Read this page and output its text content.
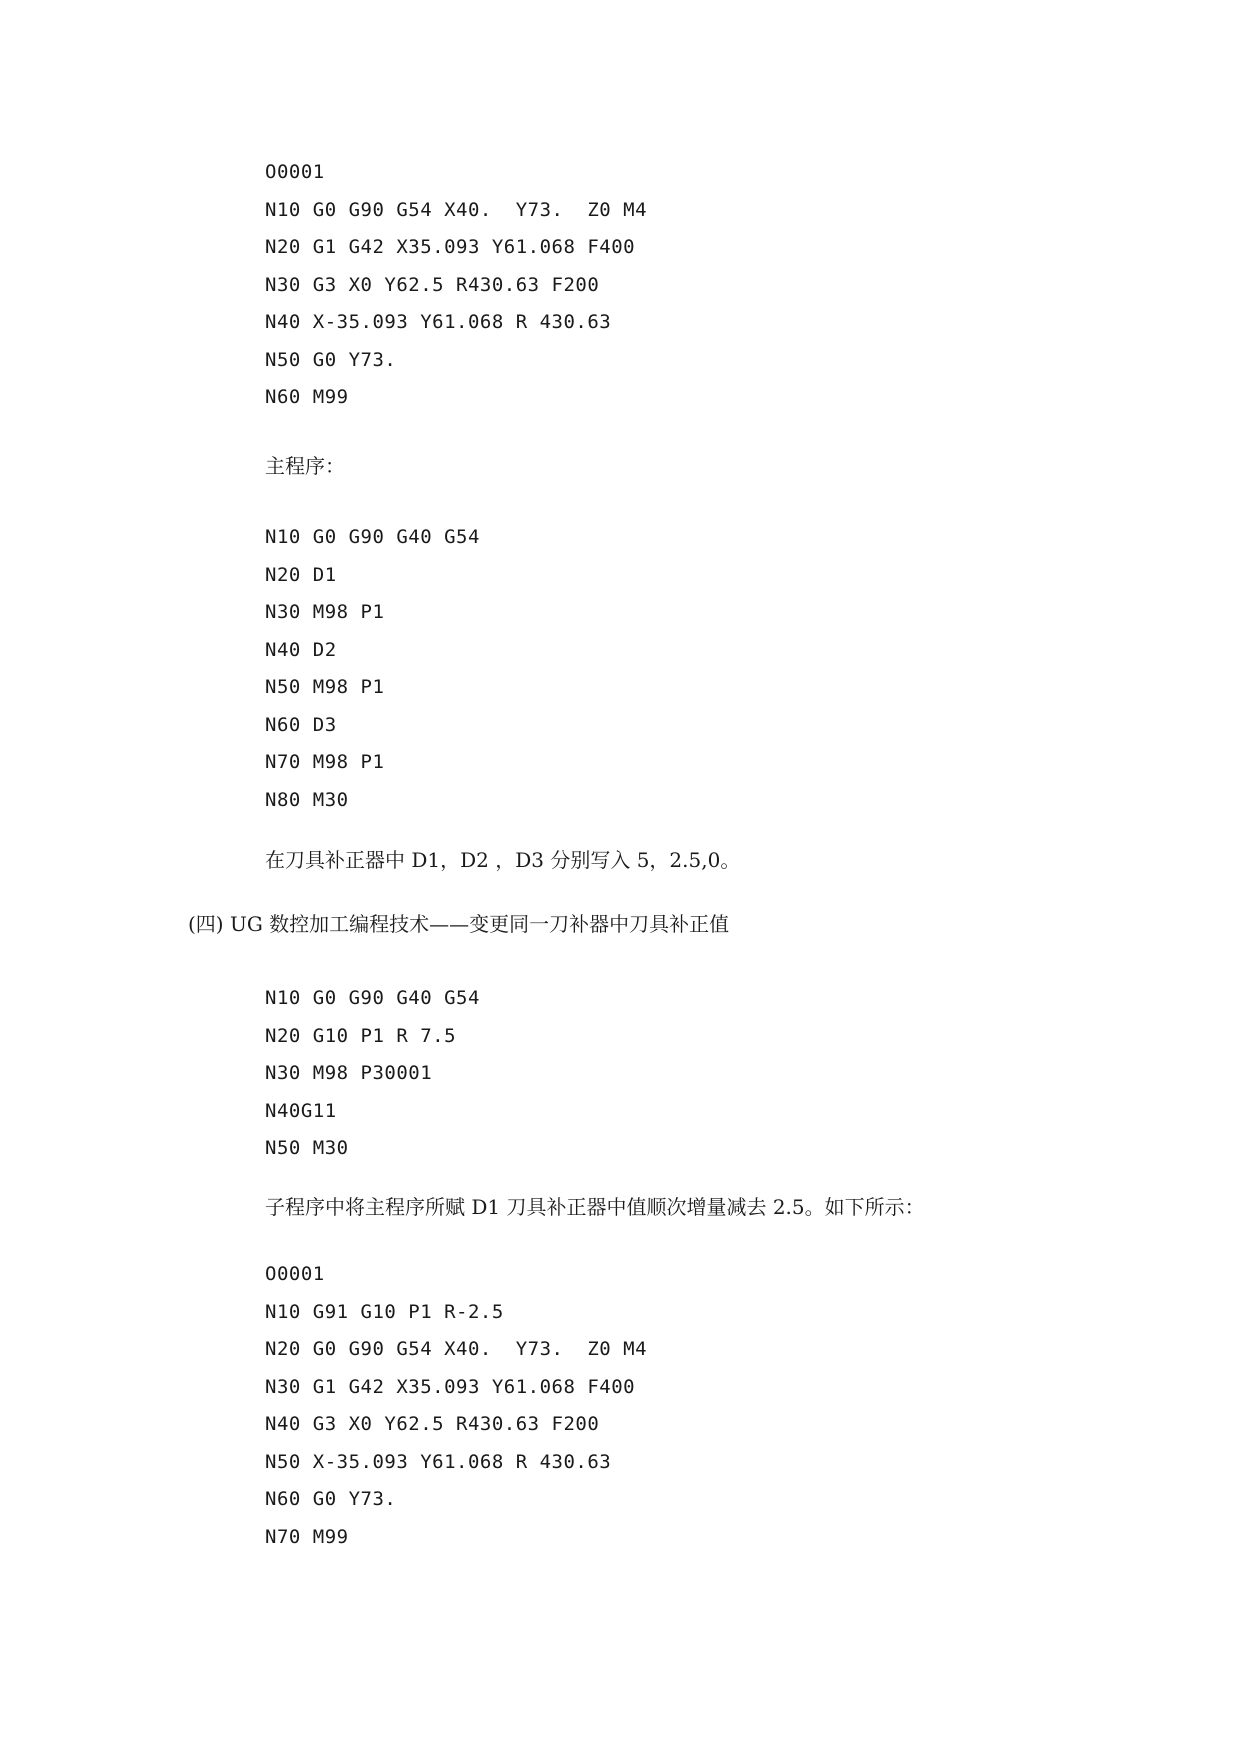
O0001
N10 G0 G90 G54 X40.  Y73.  Z0 M4
N20 G1 G42 X35.093 Y61.068 F400
N30 G3 X0 Y62.5 R430.63 F200
N40 X-35.093 Y61.068 R 430.63
N50 G0 Y73.
N60 M99
主程序：
N10 G0 G90 G40 G54
N20 D1
N30 M98 P1
N40 D2
N50 M98 P1
N60 D3
N70 M98 P1
N80 M30
在刀具补正器中 D1，D2 ，D3 分别写入 5，2.5,0。
(四) UG 数控加工编程技术——变更同一刀补器中刀具补正值
N10 G0 G90 G40 G54
N20 G10 P1 R 7.5
N30 M98 P30001
N40G11
N50 M30
子程序中将主程序所赋 D1 刀具补正器中值顺次增量减去 2.5。如下所示：
O0001
N10 G91 G10 P1 R-2.5
N20 G0 G90 G54 X40.  Y73.  Z0 M4
N30 G1 G42 X35.093 Y61.068 F400
N40 G3 X0 Y62.5 R430.63 F200
N50 X-35.093 Y61.068 R 430.63
N60 G0 Y73.
N70 M99
